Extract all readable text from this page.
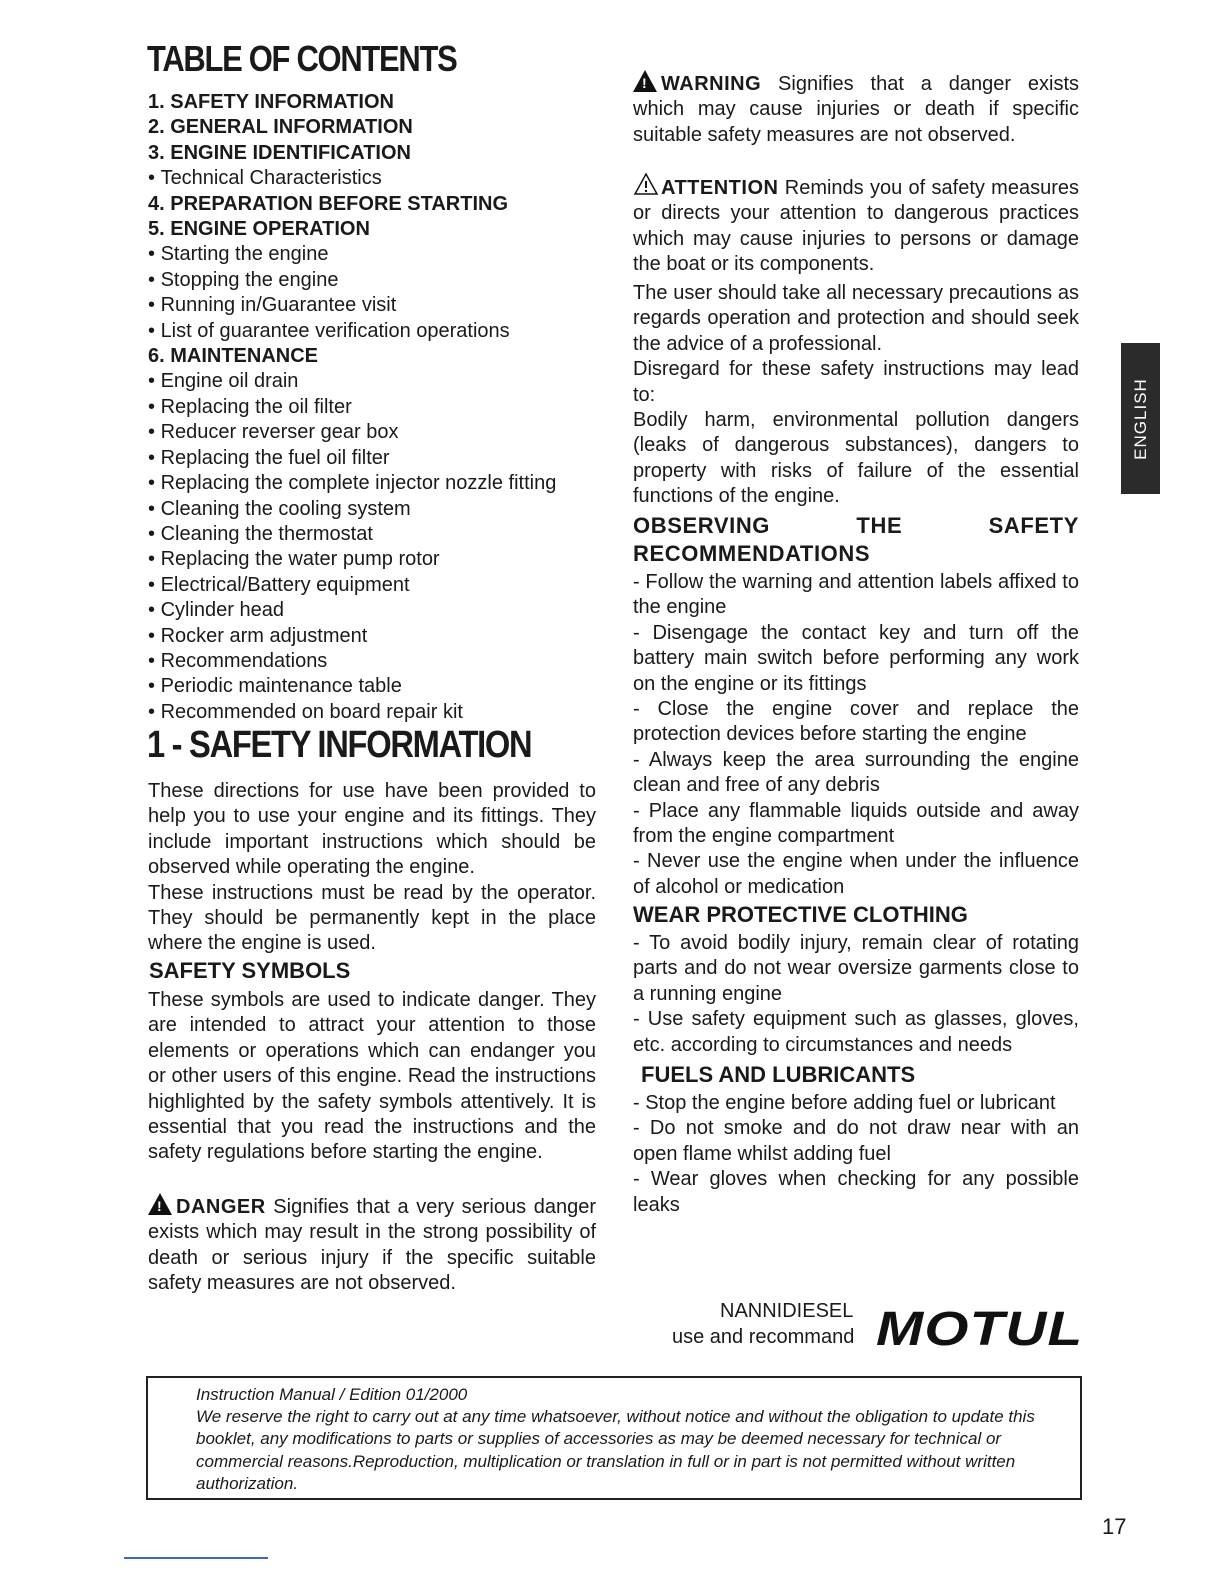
TABLE OF CONTENTS
1. SAFETY INFORMATION
2. GENERAL INFORMATION
3. ENGINE IDENTIFICATION
• Technical Characteristics
4. PREPARATION BEFORE STARTING
5. ENGINE OPERATION
• Starting the engine
• Stopping the engine
• Running in/Guarantee visit
• List of guarantee verification operations
6. MAINTENANCE
• Engine oil drain
• Replacing the oil filter
• Reducer reverser gear box
• Replacing the fuel oil filter
• Replacing the complete injector nozzle fitting
• Cleaning the cooling system
• Cleaning the thermostat
• Replacing the water pump rotor
• Electrical/Battery equipment
• Cylinder head
• Rocker arm adjustment
• Recommendations
• Periodic maintenance table
• Recommended on board repair kit
1 - SAFETY INFORMATION

These directions for use have been provided to help you to use your engine and its fittings. They include important instructions which should be observed while operating the engine.

These instructions must be read by the operator. They should be permanently kept in the place where the engine is used.

SAFETY SYMBOLS

These symbols are used to indicate danger. They are intended to attract your attention to those elements or operations which can endanger you or other users of this engine. Read the instructions highlighted by the safety symbols attentively. It is essential that you read the instructions and the safety regulations before starting the engine.

!DANGER Signifies that a very serious danger exists which may result in the strong possibility of death or serious injury if the specific suitable safety measures are not observed.

!WARNING Signifies that a danger exists which may cause injuries or death if specific suitable safety measures are not observed.

ATTENTION Reminds you of safety measures or directs your attention to dangerous practices which may cause injuries to persons or damage the boat or its components.

The user should take all necessary precautions as regards operation and protection and should seek the advice of a professional.

Disregard for these safety instructions may lead to:

Bodily harm, environmental pollution dangers (leaks of dangerous substances), dangers to property with risks of failure of the essential functions of the engine.

OBSERVING THE SAFETY RECOMMENDATIONS

- Follow the warning and attention labels affixed to the engine

- Disengage the contact key and turn off the battery main switch before performing any work on the engine or its fittings

- Close the engine cover and replace the protection devices before starting the engine

- Always keep the area surrounding the engine clean and free of any debris

- Place any flammable liquids outside and away from the engine compartment

- Never use the engine when under the influence of alcohol or medication

WEAR PROTECTIVE CLOTHING

- To avoid bodily injury, remain clear of rotating parts and do not wear oversize garments close to a running engine

- Use safety equipment such as glasses, gloves, etc. according to circumstances and needs

FUELS AND LUBRICANTS

- Stop the engine before adding fuel or lubricant

- Do not smoke and do not draw near with an open flame whilst adding fuel

- Wear gloves when checking for any possible leaks

ENGLISH
NANNIDIESEL
use and recommand MOTUL

Instruction Manual / Edition 01/2000

We reserve the right to carry out at any time whatsoever, without notice and without the obligation to update this booklet, any modifications to parts or supplies of accessories as may be deemed necessary for technical or commercial reasons.Reproduction, multiplication or translation in full or in part is not permitted without written authorization.

17
